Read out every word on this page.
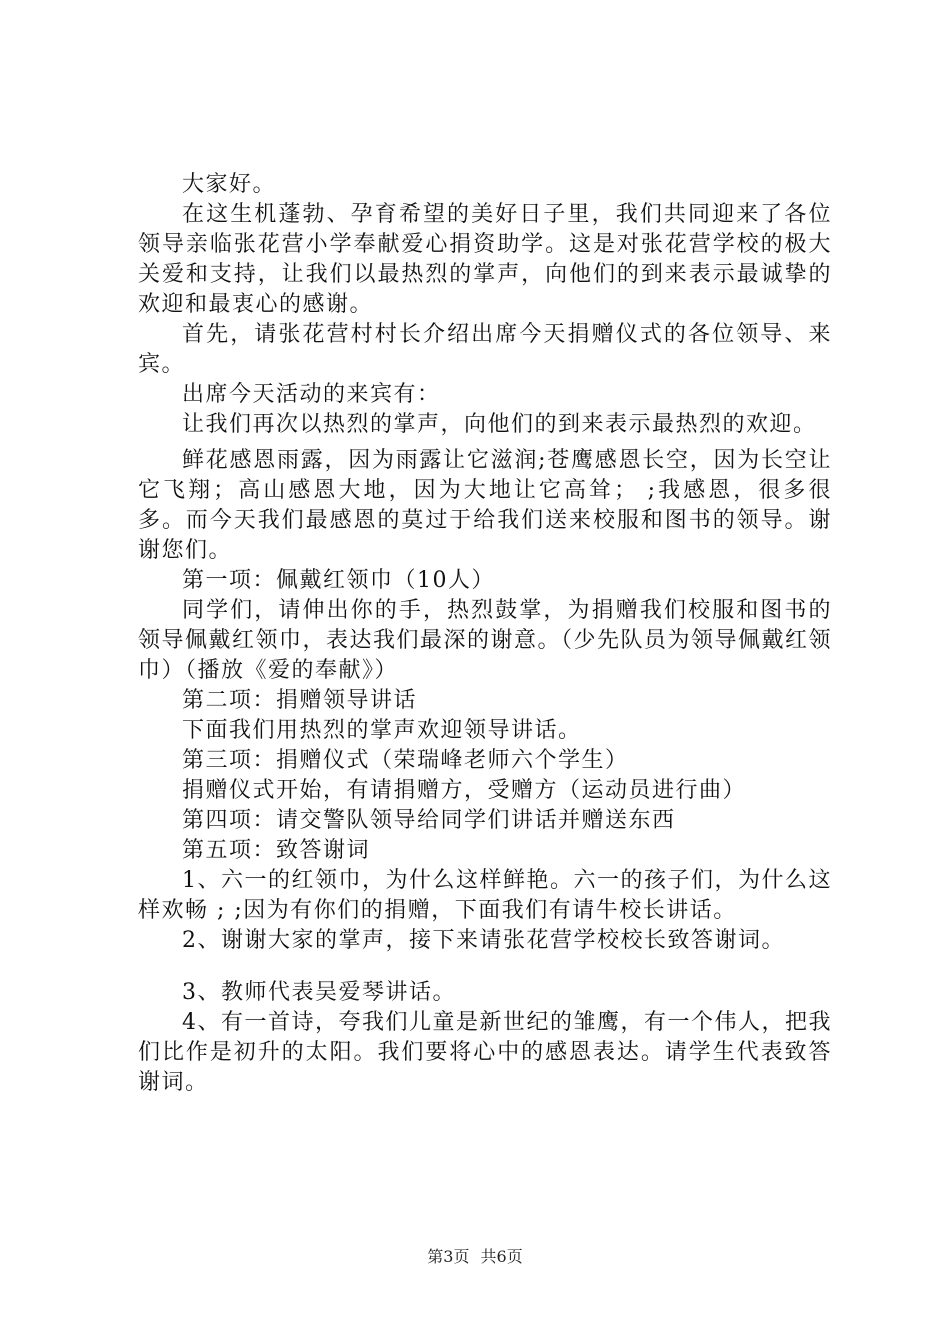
大家好。

在这生机蓬勃、孕育希望的美好日子里，我们共同迎来了各位领导亲临张花营小学奉献爱心捐资助学。这是对张花营学校的极大关爱和支持，让我们以最热烈的掌声，向他们的到来表示最诚挚的欢迎和最衷心的感谢。

首先，请张花营村村长介绍出席今天捐赠仪式的各位领导、来宾。

出席今天活动的来宾有：

让我们再次以热烈的掌声，向他们的到来表示最热烈的欢迎。

鲜花感恩雨露，因为雨露让它滋润;苍鹰感恩长空，因为长空让它飞翔；高山感恩大地，因为大地让它高耸； ;我感恩，很多很多。而今天我们最感恩的莫过于给我们送来校服和图书的领导。谢谢您们。

第一项：佩戴红领巾（10人）

同学们，请伸出你的手，热烈鼓掌，为捐赠我们校服和图书的领导佩戴红领巾，表达我们最深的谢意。（少先队员为领导佩戴红领巾）（播放《爱的奉献》）

第二项：捐赠领导讲话

下面我们用热烈的掌声欢迎领导讲话。

第三项：捐赠仪式（荣瑞峰老师六个学生）

捐赠仪式开始，有请捐赠方，受赠方（运动员进行曲）

第四项：请交警队领导给同学们讲话并赠送东西

第五项：致答谢词

1、六一的红领巾，为什么这样鲜艳。六一的孩子们，为什么这样欢畅 ; ;因为有你们的捐赠，下面我们有请牛校长讲话。

2、谢谢大家的掌声，接下来请张花营学校校长致答谢词。

3、教师代表吴爱琴讲话。

4、有一首诗，夸我们儿童是新世纪的雏鹰，有一个伟人，把我们比作是初升的太阳。我们要将心中的感恩表达。请学生代表致答谢词。

第3页 共6页
